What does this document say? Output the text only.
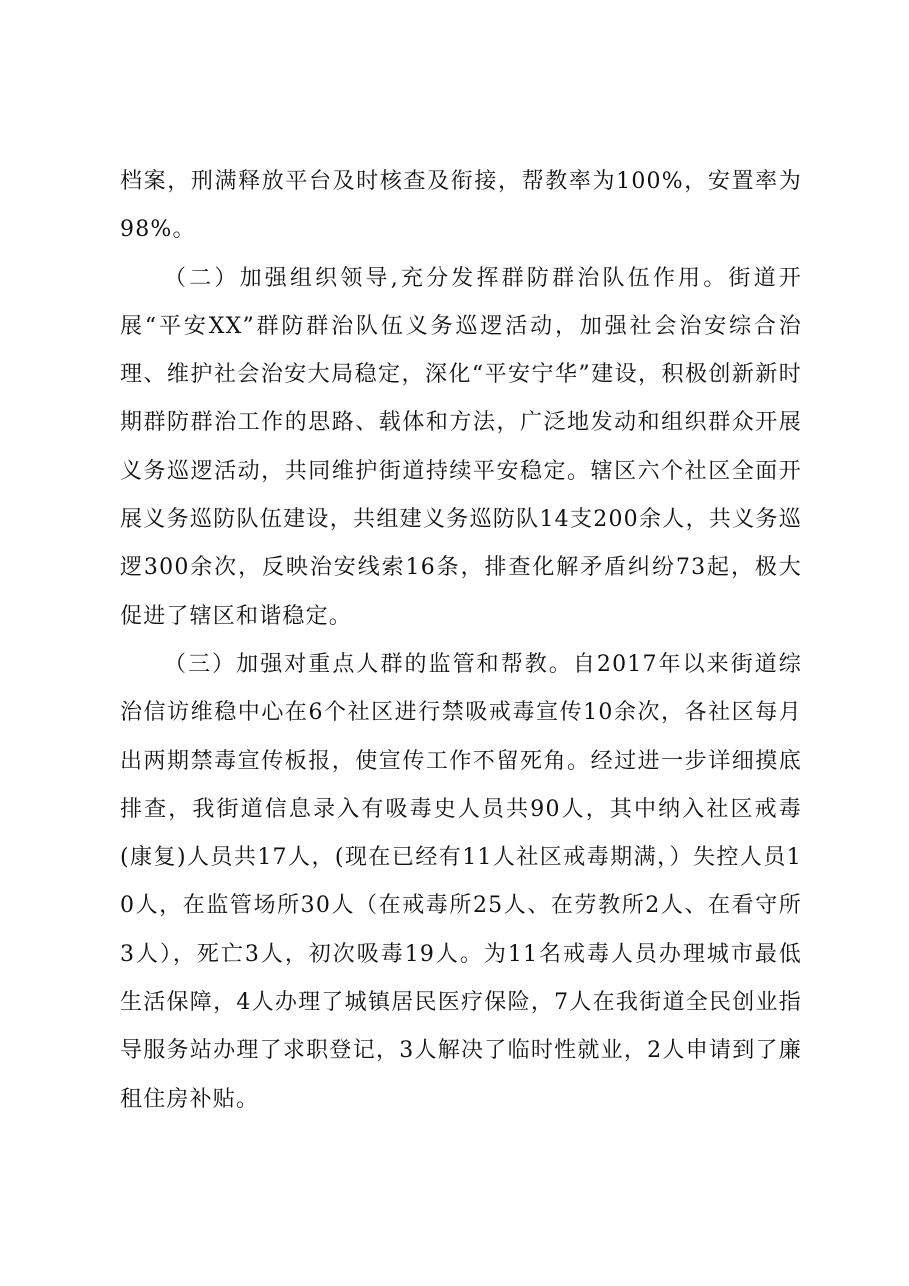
档案，刑满释放平台及时核查及衔接，帮教率为100%，安置率为98%。

（二）加强组织领导,充分发挥群防群治队伍作用。街道开展“平安XX”群防群治队伍义务巡逻活动，加强社会治安综合治理、维护社会治安大局稳定，深化“平安宁华”建设，积极创新新时期群防群治工作的思路、载体和方法，广泛地发动和组织群众开展义务巡逻活动，共同维护街道持续平安稳定。辖区六个社区全面开展义务巡防队伍建设，共组建义务巡防队14支200余人，共义务巡逻300余次，反映治安线索16条，排查化解矛盾纠纷73起，极大促进了辖区和谐稳定。

（三）加强对重点人群的监管和帮教。自2017年以来街道综治信访维稳中心在6个社区进行禁吸戒毒宣传10余次，各社区每月出两期禁毒宣传板报，使宣传工作不留死角。经过进一步详细摸底排查，我街道信息录入有吸毒史人员共90人，其中纳入社区戒毒(康复)人员共17人，(现在已经有11人社区戒毒期满，）失控人员10人，在监管场所30人（在戒毒所25人、在劳教所2人、在看守所3人），死亡3人，初次吸毒19人。为11名戒毒人员办理城市最低生活保障，4人办理了城镇居民医疗保险，7人在我街道全民创业指导服务站办理了求职登记，3人解决了临时性就业，2人申请到了廉租住房补贴。
